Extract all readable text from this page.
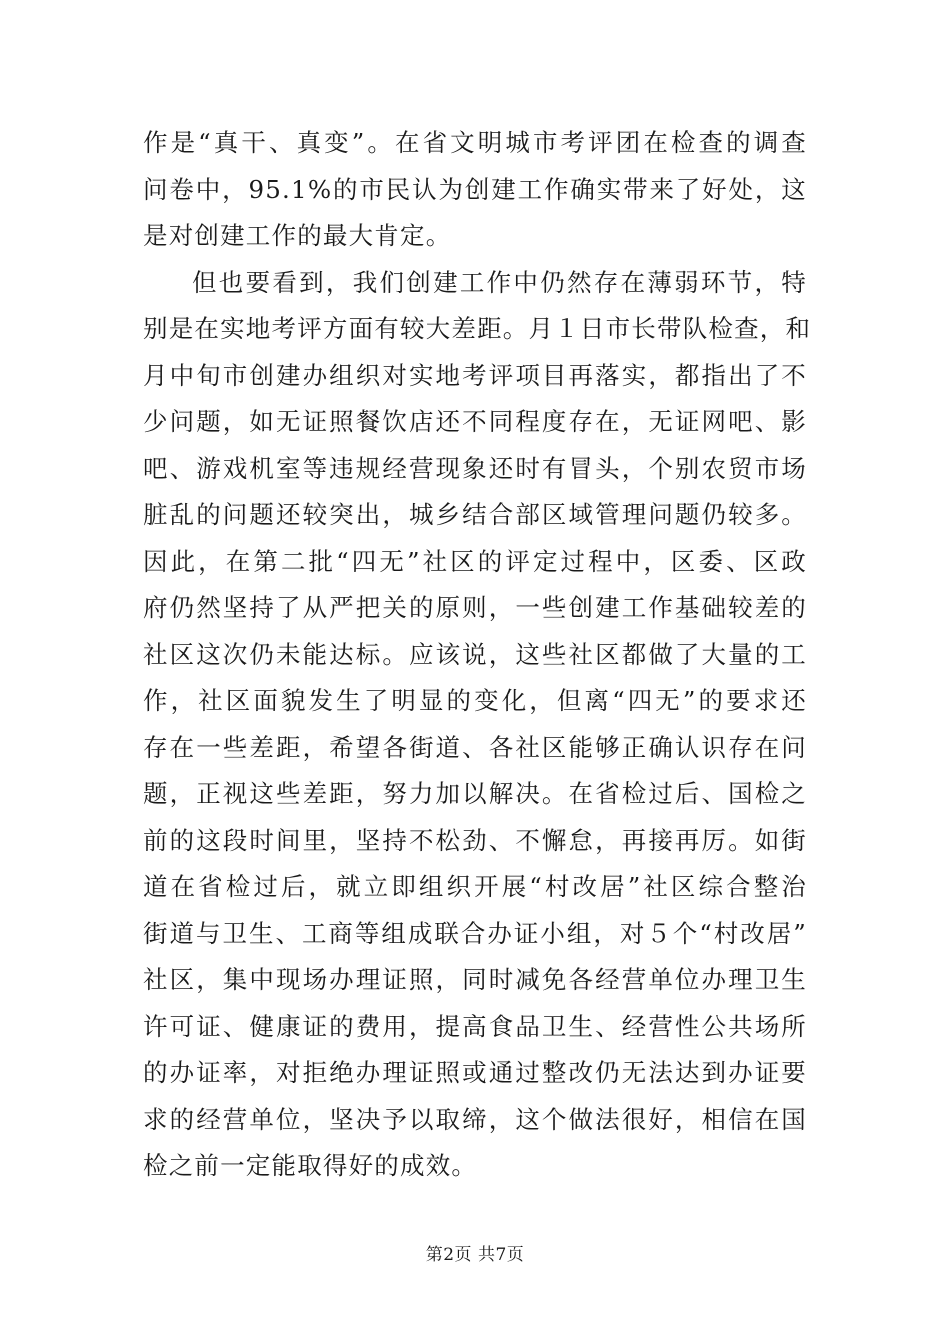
作是“真干、真变”。在省文明城市考评团在检查的调查
问卷中，95.1%的市民认为创建工作确实带来了好处，这
是对创建工作的最大肯定。
但也要看到，我们创建工作中仍然存在薄弱环节，特
别是在实地考评方面有较大差距。月１日市长带队检查，和
月中旬市创建办组织对实地考评项目再落实，都指出了不
少问题，如无证照餐饮店还不同程度存在，无证网吧、影
吧、游戏机室等违规经营现象还时有冒头，个别农贸市场
脏乱的问题还较突出，城乡结合部区域管理问题仍较多。
因此，在第二批“四无”社区的评定过程中，区委、区政
府仍然坚持了从严把关的原则，一些创建工作基础较差的
社区这次仍未能达标。应该说，这些社区都做了大量的工
作，社区面貌发生了明显的变化，但离“四无”的要求还
存在一些差距，希望各街道、各社区能够正确认识存在问
题，正视这些差距，努力加以解决。在省检过后、国检之
前的这段时间里，坚持不松劲、不懈怠，再接再厉。如街
道在省检过后，就立即组织开展“村改居”社区综合整治
街道与卫生、工商等组成联合办证小组，对５个“村改居”
社区，集中现场办理证照，同时减免各经营单位办理卫生
许可证、健康证的费用，提高食品卫生、经营性公共场所
的办证率，对拒绝办理证照或通过整改仍无法达到办证要
求的经营单位，坚决予以取缔，这个做法很好，相信在国
检之前一定能取得好的成效。
第2页 共7页
